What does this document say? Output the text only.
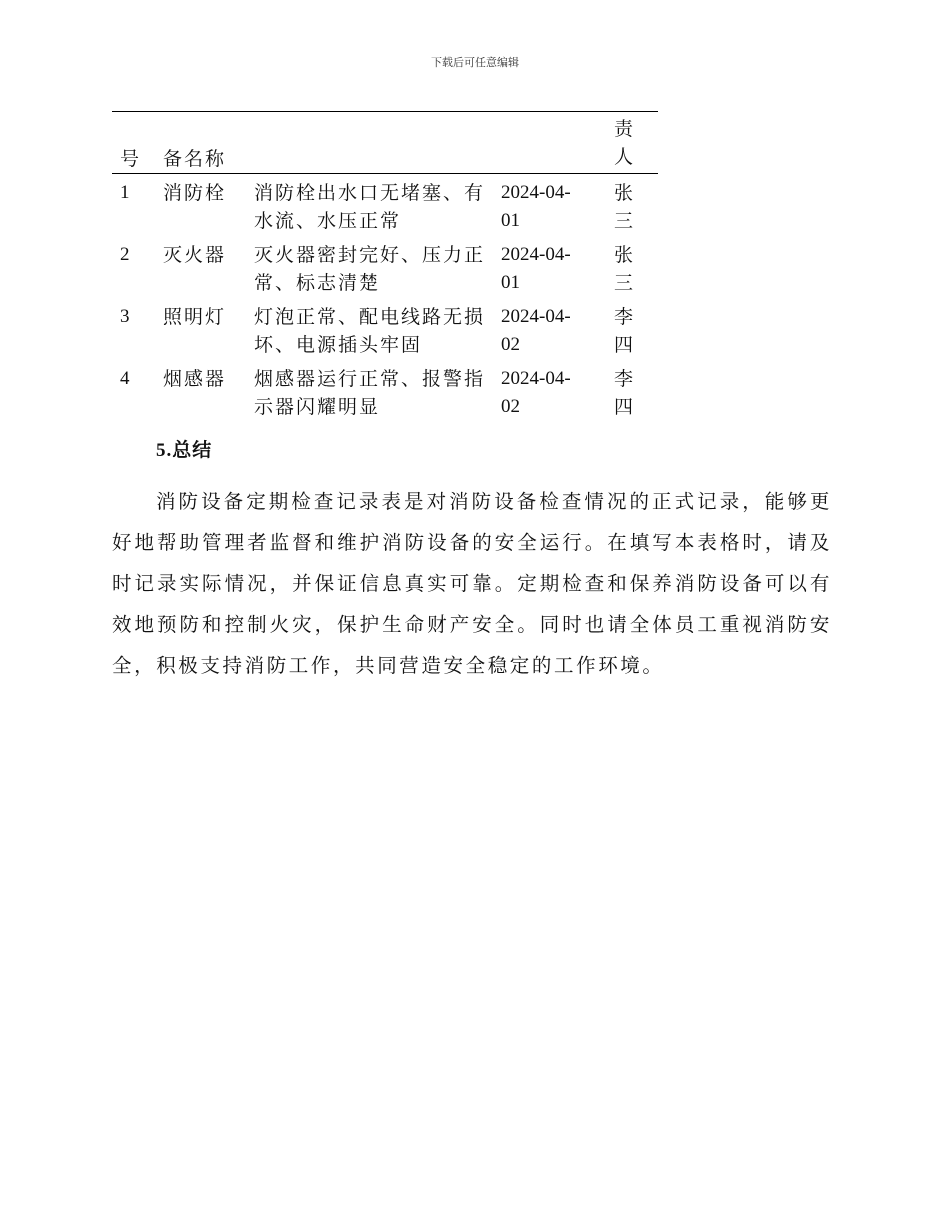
下载后可任意编辑
号 备名称
责
人
1 消防栓 消防栓出水口无堵塞、有水流、水压正常
2024-04-
01
张
三
2 灭火器 灭火器密封完好、压力正常、标志清楚
2024-04-
01
张
三
3 照明灯 灯泡正常、配电线路无损坏、电源插头牢固
2024-04-
02
李
四
4 烟感器 烟感器运行正常、报警指示器闪耀明显
2024-04-
02
李
四
5.总结
消防设备定期检查记录表是对消防设备检查情况的正式记录，能够更好地帮助管理者监督和维护消防设备的安全运行。在填写本表格时，请及时记录实际情况，并保证信息真实可靠。定期检查和保养消防设备可以有效地预防和控制火灾，保护生命财产安全。同时也请全体员工重视消防安全，积极支持消防工作，共同营造安全稳定的工作环境。
